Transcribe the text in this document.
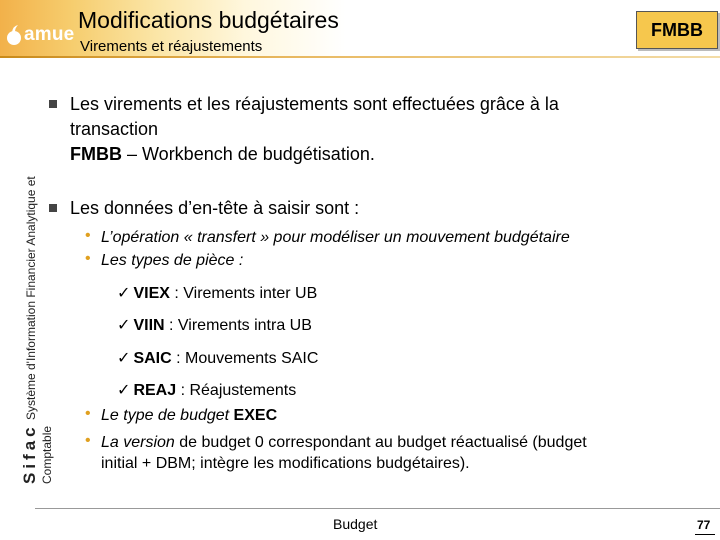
amue
Modifications budgétaires
Virements et réajustements
FMBB
Sifac Système d'Information Financier Analytique et
Comptable
Les virements et les réajustements sont effectuées grâce à la
transaction
FMBB – Workbench de budgétisation.
Les données d’en-tête à saisir sont :
• L’opération « transfert » pour modéliser un mouvement budgétaire
• Les types de pièce :
✓ VIEX : Virements inter UB
✓ VIIN : Virements intra UB
✓ SAIC : Mouvements SAIC
✓ REAJ : Réajustements
• Le type de budget EXEC
• La version de budget 0 correspondant au budget réactualisé (budget
initial + DBM; intègre les modifications budgétaires).
Budget	77
